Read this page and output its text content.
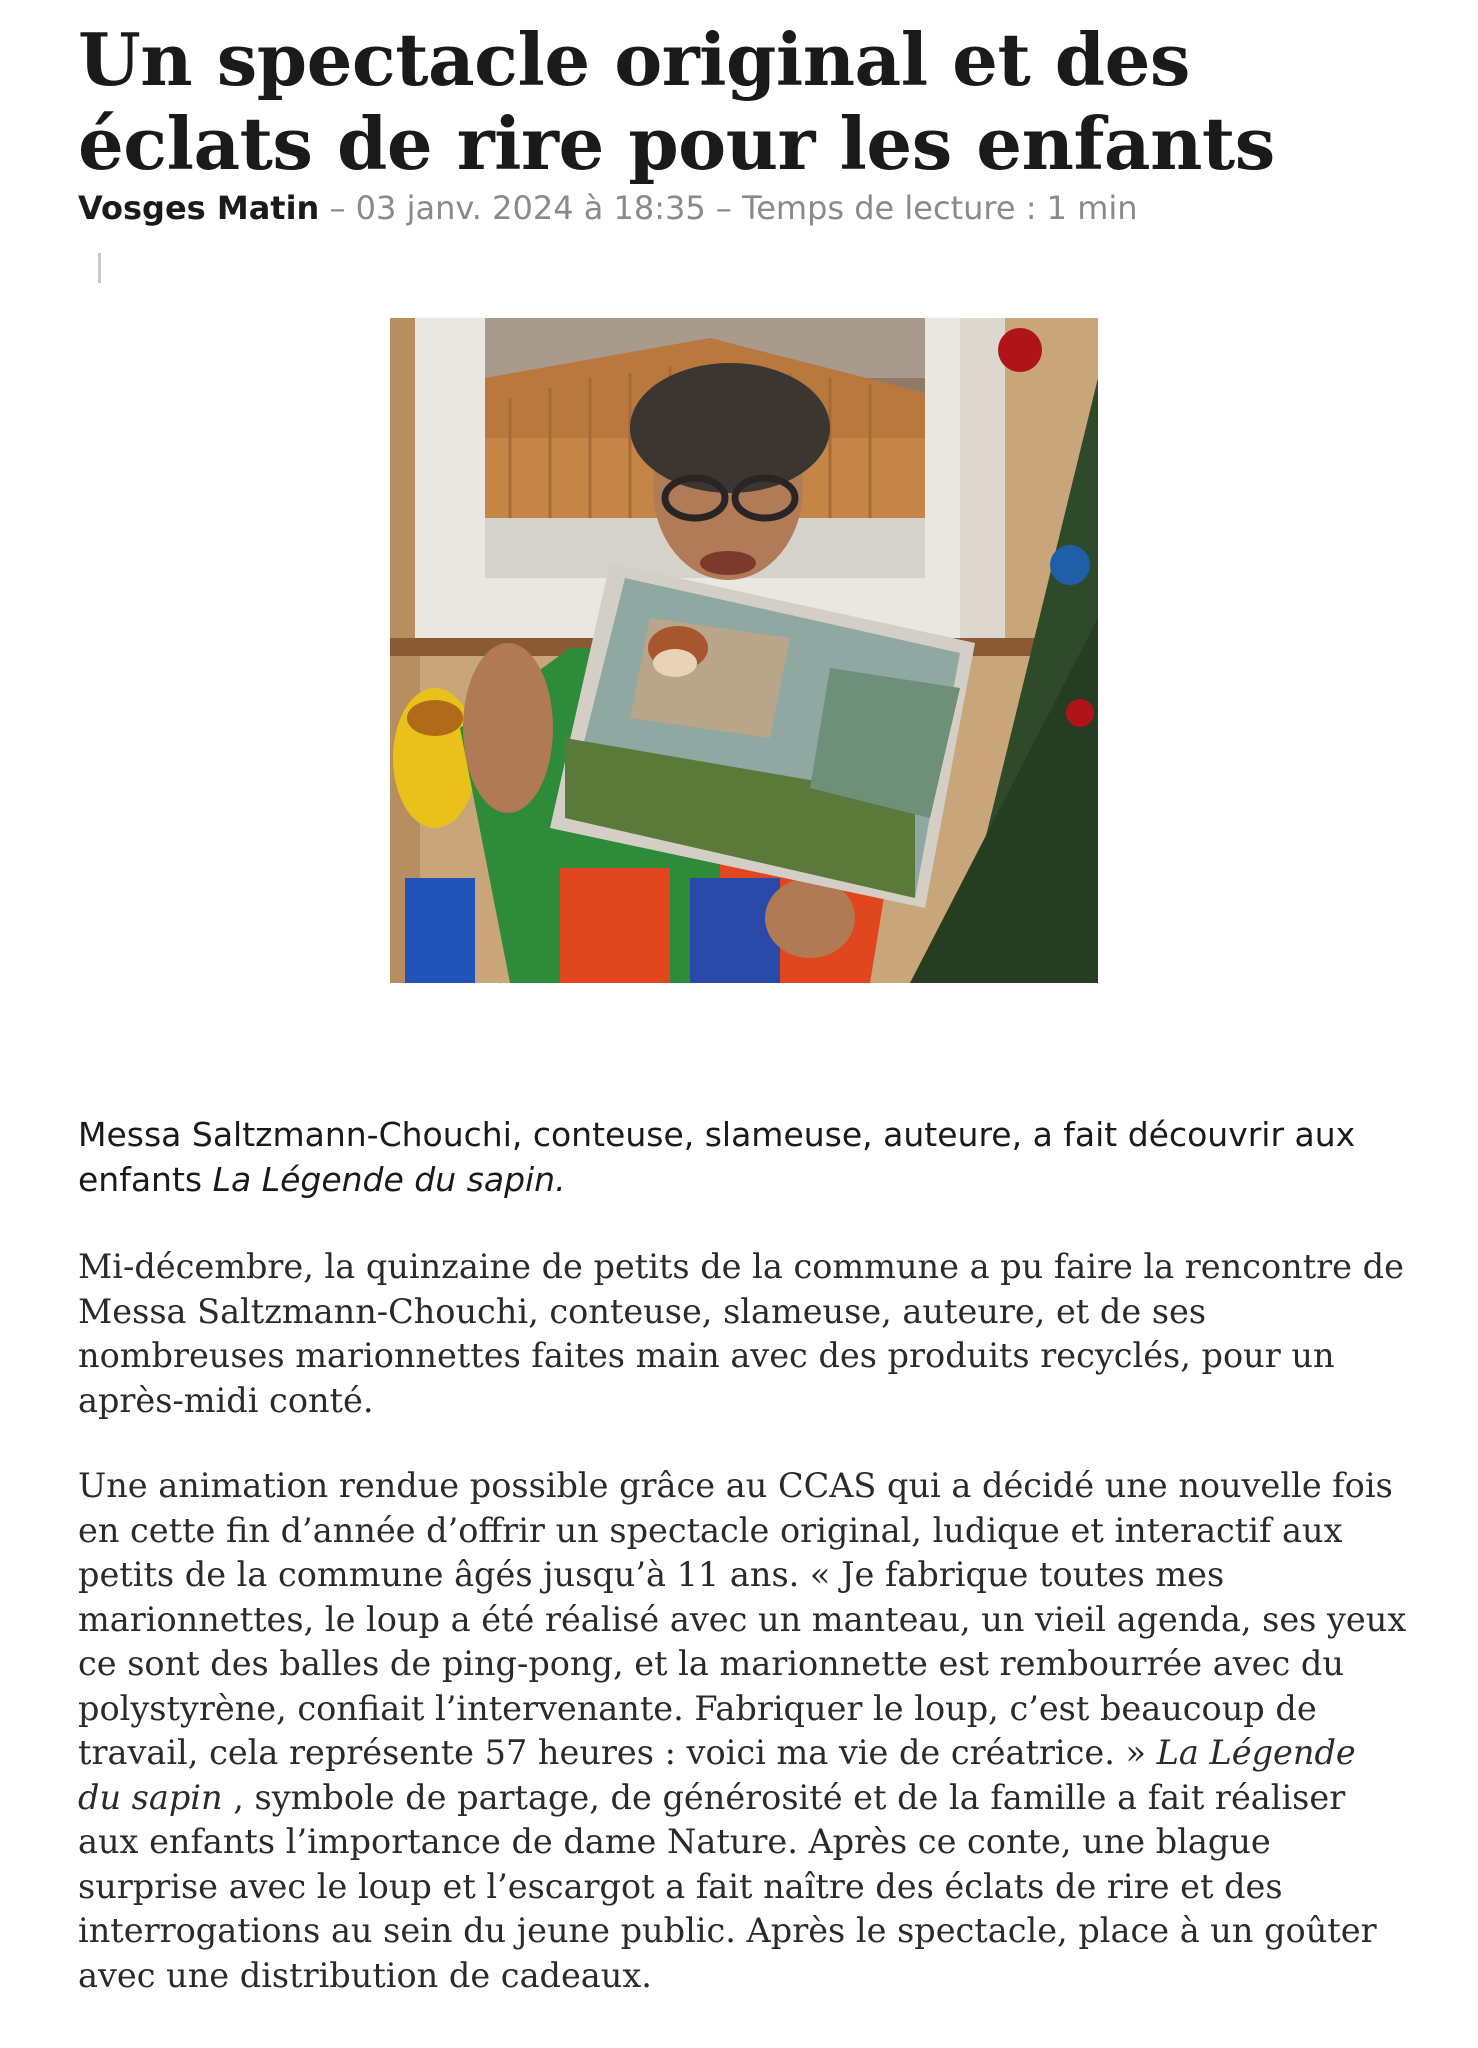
Un spectacle original et des éclats de rire pour les enfants
Vosges Matin – 03 janv. 2024 à 18:35 – Temps de lecture : 1 min
Messa Saltzmann-Chouchi, conteuse, slameuse, auteure, a fait découvrir aux enfants La Légende du sapin.
Mi-décembre, la quinzaine de petits de la commune a pu faire la rencontre de Messa Saltzmann-Chouchi, conteuse, slameuse, auteure, et de ses nombreuses marionnettes faites main avec des produits recyclés, pour un après-midi conté.
Une animation rendue possible grâce au CCAS qui a décidé une nouvelle fois en cette fin d’année d’offrir un spectacle original, ludique et interactif aux petits de la commune âgés jusqu’à 11 ans. « Je fabrique toutes mes marionnettes, le loup a été réalisé avec un manteau, un vieil agenda, ses yeux ce sont des balles de ping-pong, et la marionnette est rembourrée avec du polystyrène, confiait l’intervenante. Fabriquer le loup, c’est beaucoup de travail, cela représente 57 heures : voici ma vie de créatrice. » La Légende du sapin , symbole de partage, de générosité et de la famille a fait réaliser aux enfants l’importance de dame Nature. Après ce conte, une blague surprise avec le loup et l’escargot a fait naître des éclats de rire et des interrogations au sein du jeune public. Après le spectacle, place à un goûter avec une distribution de cadeaux.
